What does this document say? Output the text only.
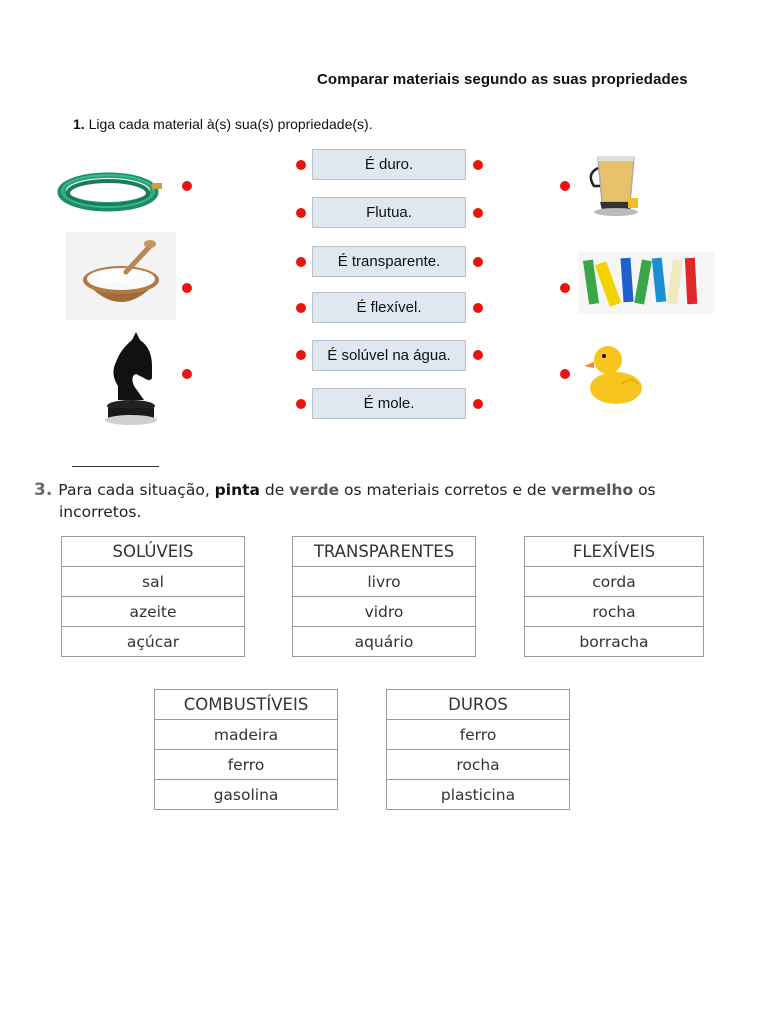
Comparar materiais segundo as suas propriedades
1. Liga cada material à(s) sua(s) propriedade(s).
É duro.
Flutua.
É transparente.
É flexível.
É solúvel na água.
É mole.
3. Para cada situação, pinta de verde os materiais corretos e de vermelho os
incorretos.
SOLÚVEIS
sal
azeite
açúcar
TRANSPARENTES
livro
vidro
aquário
FLEXÍVEIS
corda
rocha
borracha
COMBUSTÍVEIS
madeira
ferro
gasolina
DUROS
ferro
rocha
plasticina
